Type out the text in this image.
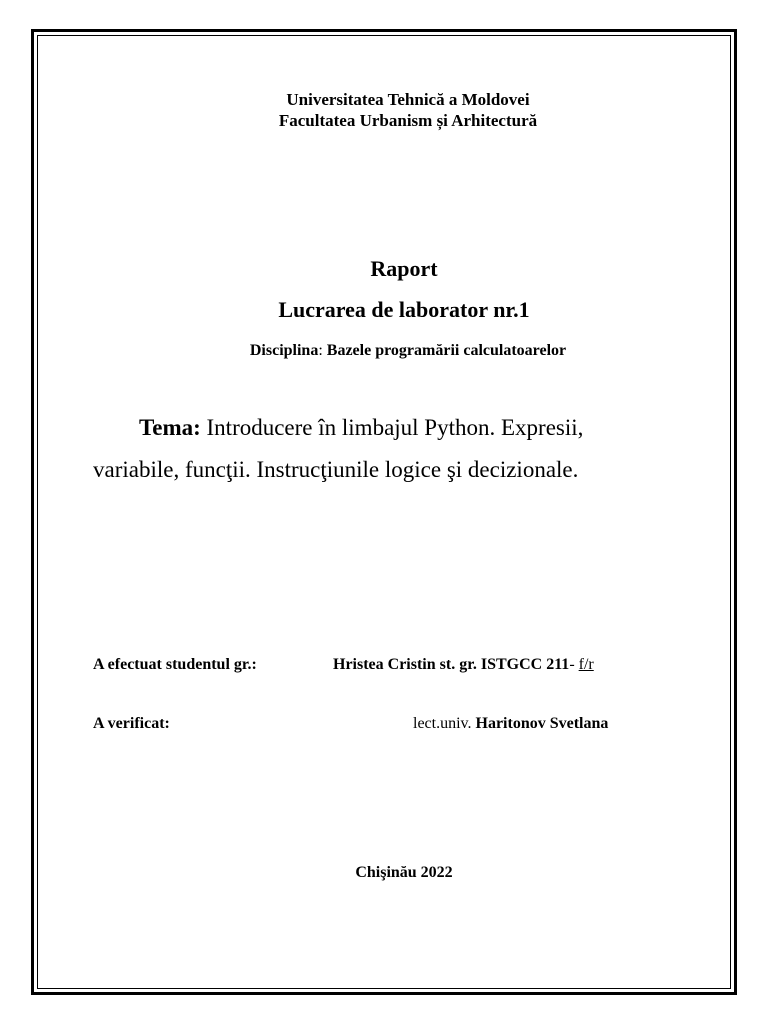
Universitatea Tehnică a Moldovei
Facultatea Urbanism și Arhitectură
Raport
Lucrarea de laborator nr.1
Disciplina: Bazele programării calculatoarelor
Tema: Introducere în limbajul Python. Expresii,
variabile, funcţii. Instrucţiunile logice şi decizionale.
A efectuat studentul gr.:	Hristea Cristin st. gr. ISTGCC 211- f/r
A verificat:	lect.univ. Haritonov Svetlana
Chişinău 2022
